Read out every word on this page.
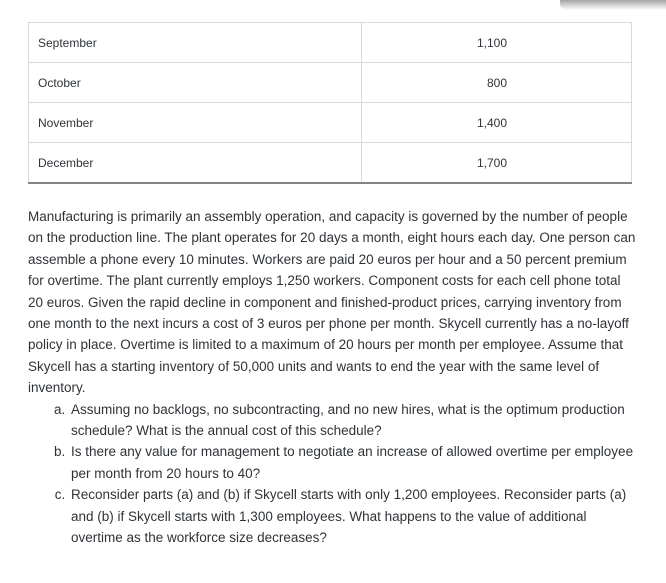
September	1,100
October	800
November	1,400
December	1,700

Manufacturing is primarily an assembly operation, and capacity is governed by the number of people on the production line. The plant operates for 20 days a month, eight hours each day. One person can assemble a phone every 10 minutes. Workers are paid 20 euros per hour and a 50 percent premium for overtime. The plant currently employs 1,250 workers. Component costs for each cell phone total 20 euros. Given the rapid decline in component and finished-product prices, carrying inventory from one month to the next incurs a cost of 3 euros per phone per month. Skycell currently has a no-layoff policy in place. Overtime is limited to a maximum of 20 hours per month per employee. Assume that Skycell has a starting inventory of 50,000 units and wants to end the year with the same level of inventory.

a. Assuming no backlogs, no subcontracting, and no new hires, what is the optimum production schedule? What is the annual cost of this schedule?
b. Is there any value for management to negotiate an increase of allowed overtime per employee per month from 20 hours to 40?
c. Reconsider parts (a) and (b) if Skycell starts with only 1,200 employees. Reconsider parts (a) and (b) if Skycell starts with 1,300 employees. What happens to the value of additional overtime as the workforce size decreases?
